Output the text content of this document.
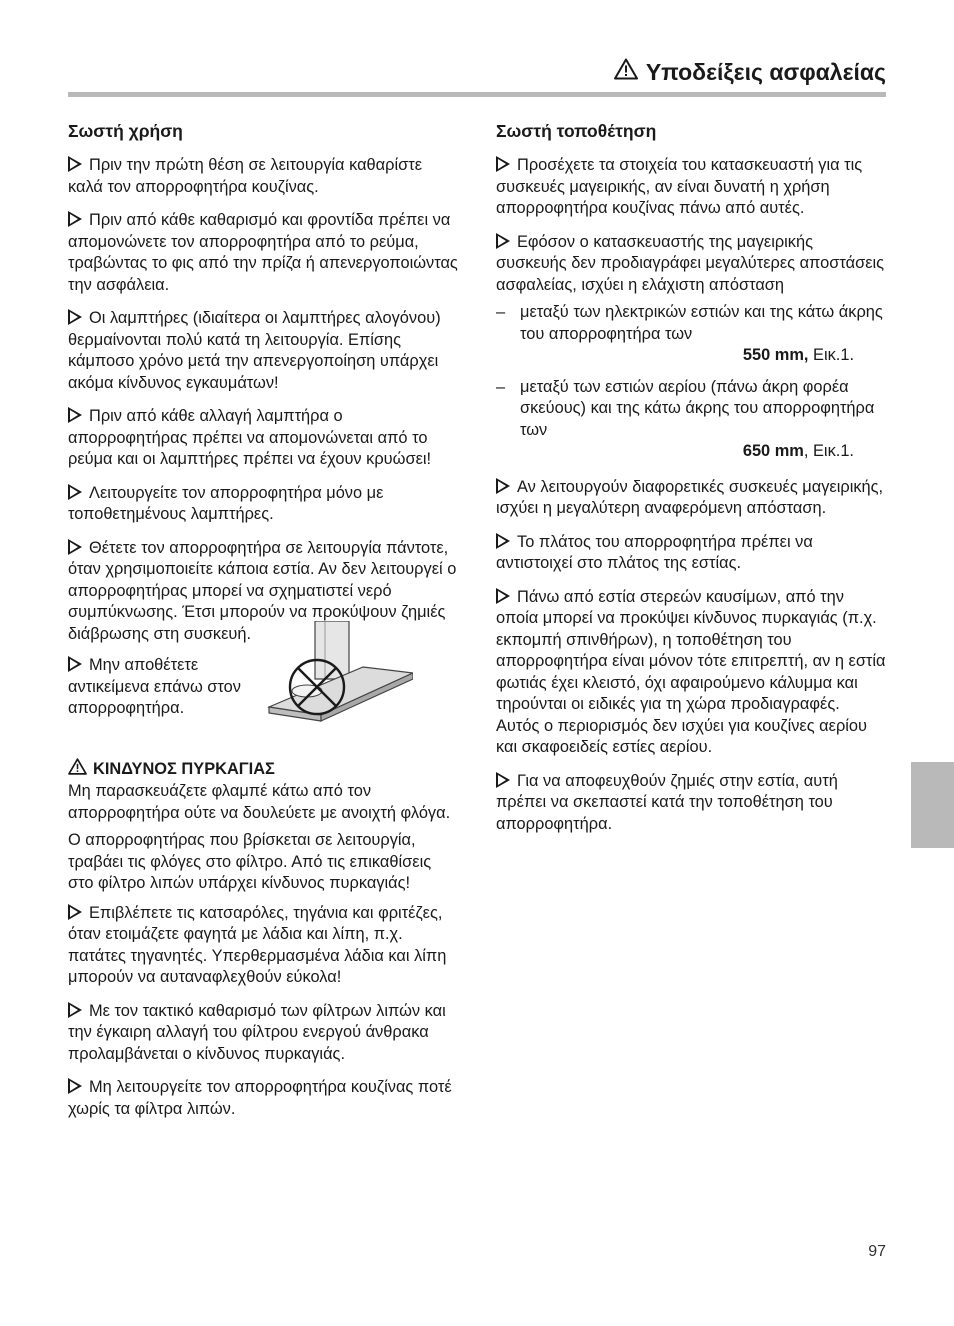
Υποδείξεις ασφαλείας
Σωστή χρήση

Πριν την πρώτη θέση σε λειτουργία καθαρίστε καλά τον απορροφητήρα κουζίνας.

Πριν από κάθε καθαρισμό και φροντίδα πρέπει να απομονώνετε τον απορροφητήρα από το ρεύμα, τραβώντας το φις από την πρίζα ή απενεργοποιώντας την ασφάλεια.

Οι λαμπτήρες (ιδιαίτερα οι λαμπτήρες αλογόνου) θερμαίνονται πολύ κατά τη λειτουργία. Επίσης κάμποσο χρόνο μετά την απενεργοποίηση υπάρχει ακόμα κίνδυνος εγκαυμάτων!

Πριν από κάθε αλλαγή λαμπτήρα ο απορροφητήρας πρέπει να απομονώνεται από το ρεύμα και οι λαμπτήρες πρέπει να έχουν κρυώσει!

Λειτουργείτε τον απορροφητήρα μόνο με τοποθετημένους λαμπτήρες.

Θέτετε τον απορροφητήρα σε λειτουργία πάντοτε, όταν χρησιμοποιείτε κάποια εστία. Αν δεν λειτουργεί ο απορροφητήρας μπορεί να σχηματιστεί νερό συμπύκνωσης. Έτσι μπορούν να προκύψουν ζημιές διάβρωσης στη συσκευή.

Μην αποθέτετε αντικείμενα επάνω στον απορροφητήρα.

ΚΙΝΔΥΝΟΣ ΠΥΡΚΑΓΙΑΣ
Μη παρασκευάζετε φλαμπέ κάτω από τον απορροφητήρα ούτε να δουλεύετε με ανοιχτή φλόγα.

Ο απορροφητήρας που βρίσκεται σε λειτουργία, τραβάει τις φλόγες στο φίλτρο. Από τις επικαθίσεις στο φίλτρο λιπών υπάρχει κίνδυνος πυρκαγιάς!

Επιβλέπετε τις κατσαρόλες, τηγάνια και φριτέζες, όταν ετοιμάζετε φαγητά με λάδια και λίπη, π.χ. πατάτες τηγανητές. Υπερθερμασμένα λάδια και λίπη μπορούν να αυταναφλεχθούν εύκολα!

Με τον τακτικό καθαρισμό των φίλτρων λιπών και την έγκαιρη αλλαγή του φίλτρου ενεργού άνθρακα προλαμβάνεται ο κίνδυνος πυρκαγιάς.

Μη λειτουργείτε τον απορροφητήρα κουζίνας ποτέ χωρίς τα φίλτρα λιπών.

Σωστή τοποθέτηση

Προσέχετε τα στοιχεία του κατασκευαστή για τις συσκευές μαγειρικής, αν είναι δυνατή η χρήση απορροφητήρα κουζίνας πάνω από αυτές.

Εφόσον ο κατασκευαστής της μαγειρικής συσκευής δεν προδιαγράφει μεγαλύτερες αποστάσεις ασφαλείας, ισχύει η ελάχιστη απόσταση

– μεταξύ των ηλεκτρικών εστιών και της κάτω άκρης του απορροφητήρα των
550 mm, Εικ.1.
– μεταξύ των εστιών αερίου (πάνω άκρη φορέα σκεύους) και της κάτω άκρης του απορροφητήρα των
650 mm, Εικ.1.

Αν λειτουργούν διαφορετικές συσκευές μαγειρικής, ισχύει η μεγαλύτερη αναφερόμενη απόσταση.

Το πλάτος του απορροφητήρα πρέπει να αντιστοιχεί στο πλάτος της εστίας.

Πάνω από εστία στερεών καυσίμων, από την οποία μπορεί να προκύψει κίνδυνος πυρκαγιάς (π.χ. εκπομπή σπινθήρων), η τοποθέτηση του απορροφητήρα είναι μόνον τότε επιτρεπτή, αν η εστία φωτιάς έχει κλειστό, όχι αφαιρούμενο κάλυμμα και τηρούνται οι ειδικές για τη χώρα προδιαγραφές. Αυτός ο περιορισμός δεν ισχύει για κουζίνες αερίου και σκαφοειδείς εστίες αερίου.

Για να αποφευχθούν ζημιές στην εστία, αυτή πρέπει να σκεπαστεί κατά την τοποθέτηση του απορροφητήρα.

97
